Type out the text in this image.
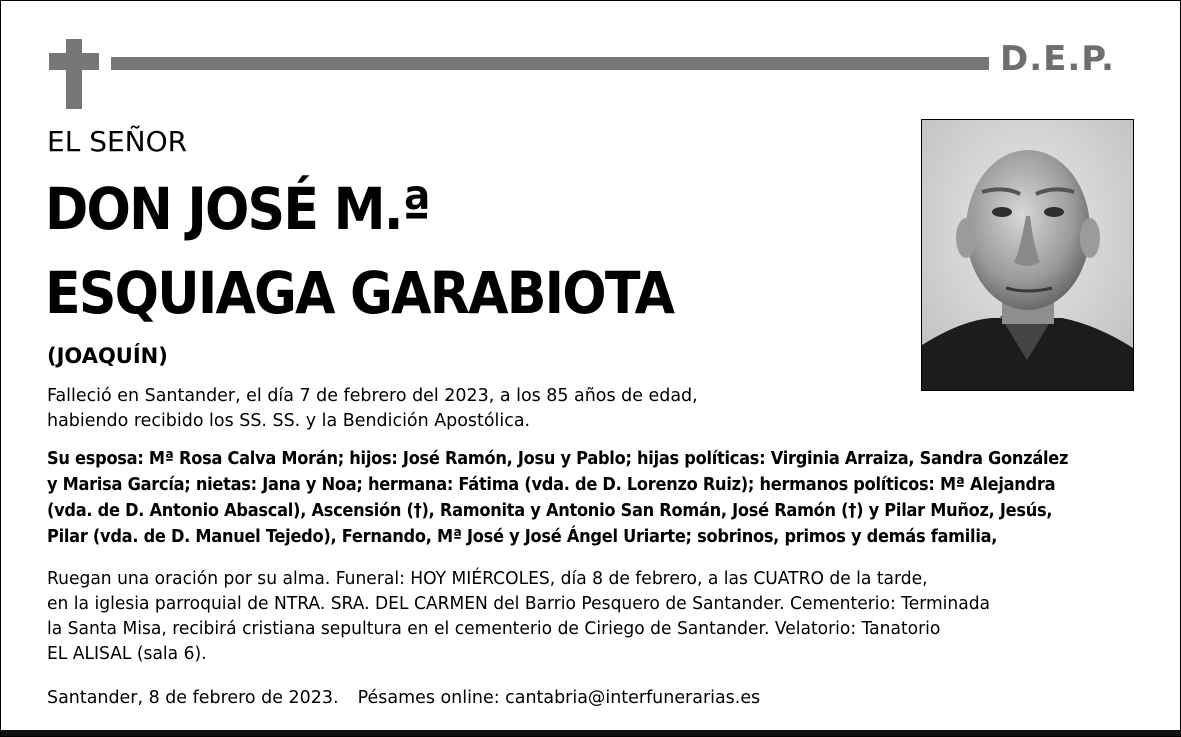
D.E.P.
EL SEÑOR
DON JOSÉ M.ª
ESQUIAGA GARABIOTA
(JOAQUÍN)
Falleció en Santander, el día 7 de febrero del 2023, a los 85 años de edad,
habiendo recibido los SS. SS. y la Bendición Apostólica.
Su esposa: Mª Rosa Calva Morán; hijos: José Ramón, Josu y Pablo; hijas políticas: Virginia Arraiza, Sandra González
y Marisa García; nietas: Jana y Noa; hermana: Fátima (vda. de D. Lorenzo Ruiz); hermanos políticos: Mª Alejandra
(vda. de D. Antonio Abascal), Ascensión (†), Ramonita y Antonio San Román, José Ramón (†) y Pilar Muñoz, Jesús,
Pilar (vda. de D. Manuel Tejedo), Fernando, Mª José y José Ángel Uriarte; sobrinos, primos y demás familia,
Ruegan una oración por su alma. Funeral: HOY MIÉRCOLES, día 8 de febrero, a las CUATRO de la tarde,
en la iglesia parroquial de NTRA. SRA. DEL CARMEN del Barrio Pesquero de Santander. Cementerio: Terminada
la Santa Misa, recibirá cristiana sepultura en el cementerio de Ciriego de Santander. Velatorio: Tanatorio
EL ALISAL (sala 6).
Santander, 8 de febrero de 2023. Pésames online: cantabria@interfunerarias.es
